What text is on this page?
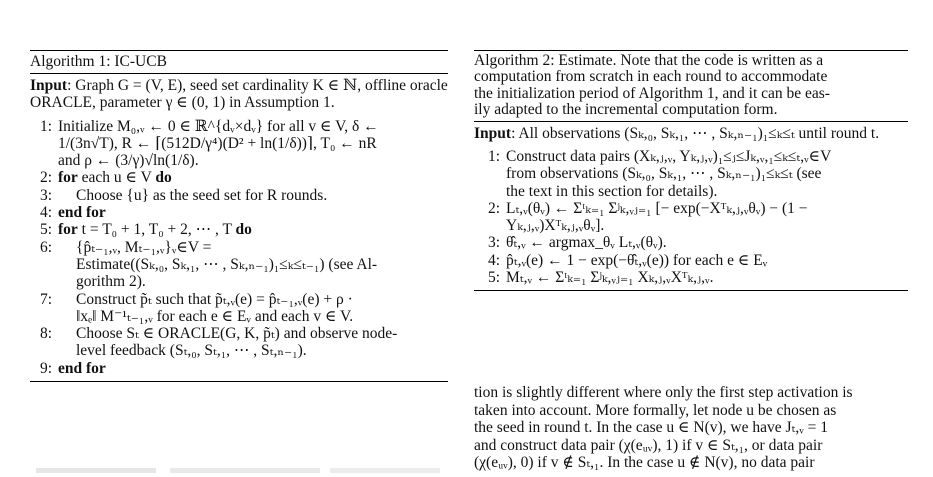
Algorithm 1: IC-UCB
Input: Graph G = (V, E), seed set cardinality K ∈ ℕ, offline oracle ORACLE, parameter γ ∈ (0, 1) in Assumption 1.
1: Initialize M₀,ᵥ ← 0 ∈ ℝ^{dᵥ×dᵥ} for all v ∈ V, δ ←
1/(3n√T), R ← ⌈(512D/γ⁴)(D² + ln(1/δ))⌉, T₀ ← nR
and ρ ← (3/γ)√ln(1/δ).
2: for each u ∈ V do
3:	Choose {u} as the seed set for R rounds.
4: end for
5: for t = T₀ + 1, T₀ + 2, ⋯ , T do
6:	{p̂ₜ₋₁,ᵥ, Mₜ₋₁,ᵥ}ᵥ∈V =
Estimate((Sₖ,₀, Sₖ,₁, ⋯ , Sₖ,ₙ₋₁)₁≤ₖ≤ₜ₋₁) (see Al-
gorithm 2).
7:	Construct p̃ₜ such that p̃ₜ,ᵥ(e) = p̂ₜ₋₁,ᵥ(e) + ρ ·
‖xₑ‖ M⁻¹ₜ₋₁,ᵥ for each e ∈ Eᵥ and each v ∈ V.
8:	Choose Sₜ ∈ ORACLE(G, K, p̃ₜ) and observe node-
level feedback (Sₜ,₀, Sₜ,₁, ⋯ , Sₜ,ₙ₋₁).
9: end for
Algorithm 2: Estimate. Note that the code is written as a
computation from scratch in each round to accommodate
the initialization period of Algorithm 1, and it can be eas-
ily adapted to the incremental computation form.
Input: All observations (Sₖ,₀, Sₖ,₁, ⋯ , Sₖ,ₙ₋₁)₁≤ₖ≤ₜ until round t.
1: Construct data pairs (Xₖ,ⱼ,ᵥ, Yₖ,ⱼ,ᵥ)₁≤ⱼ≤Jₖ,ᵥ,₁≤ₖ≤ₜ,ᵥ∈V
from observations (Sₖ,₀, Sₖ,₁, ⋯ , Sₖ,ₙ₋₁)₁≤ₖ≤ₜ (see
the text in this section for details).
2: Lₜ,ᵥ(θᵥ) ← Σᵗₖ₌₁ Σʲₖ,ᵥⱼ₌₁ [− exp(−Xᵀₖ,ⱼ,ᵥθᵥ) − (1 −
Yₖ,ⱼ,ᵥ)Xᵀₖ,ⱼ,ᵥθᵥ].
3: θ̂ₜ,ᵥ ← argmax_θᵥ Lₜ,ᵥ(θᵥ).
4: p̂ₜ,ᵥ(e) ← 1 − exp(−θ̂ₜ,ᵥ(e)) for each e ∈ Eᵥ
5: Mₜ,ᵥ ← Σᵗₖ₌₁ Σʲₖ,ᵥⱼ₌₁ Xₖ,ⱼ,ᵥXᵀₖ,ⱼ,ᵥ.
tion is slightly different where only the first step activation is
taken into account. More formally, let node u be chosen as
the seed in round t. In the case u ∈ N(v), we have Jₜ,ᵥ = 1
and construct data pair (χ(eᵤᵥ), 1) if v ∈ Sₜ,₁, or data pair
(χ(eᵤᵥ), 0) if v ∉ Sₜ,₁. In the case u ∉ N(v), no data pair
